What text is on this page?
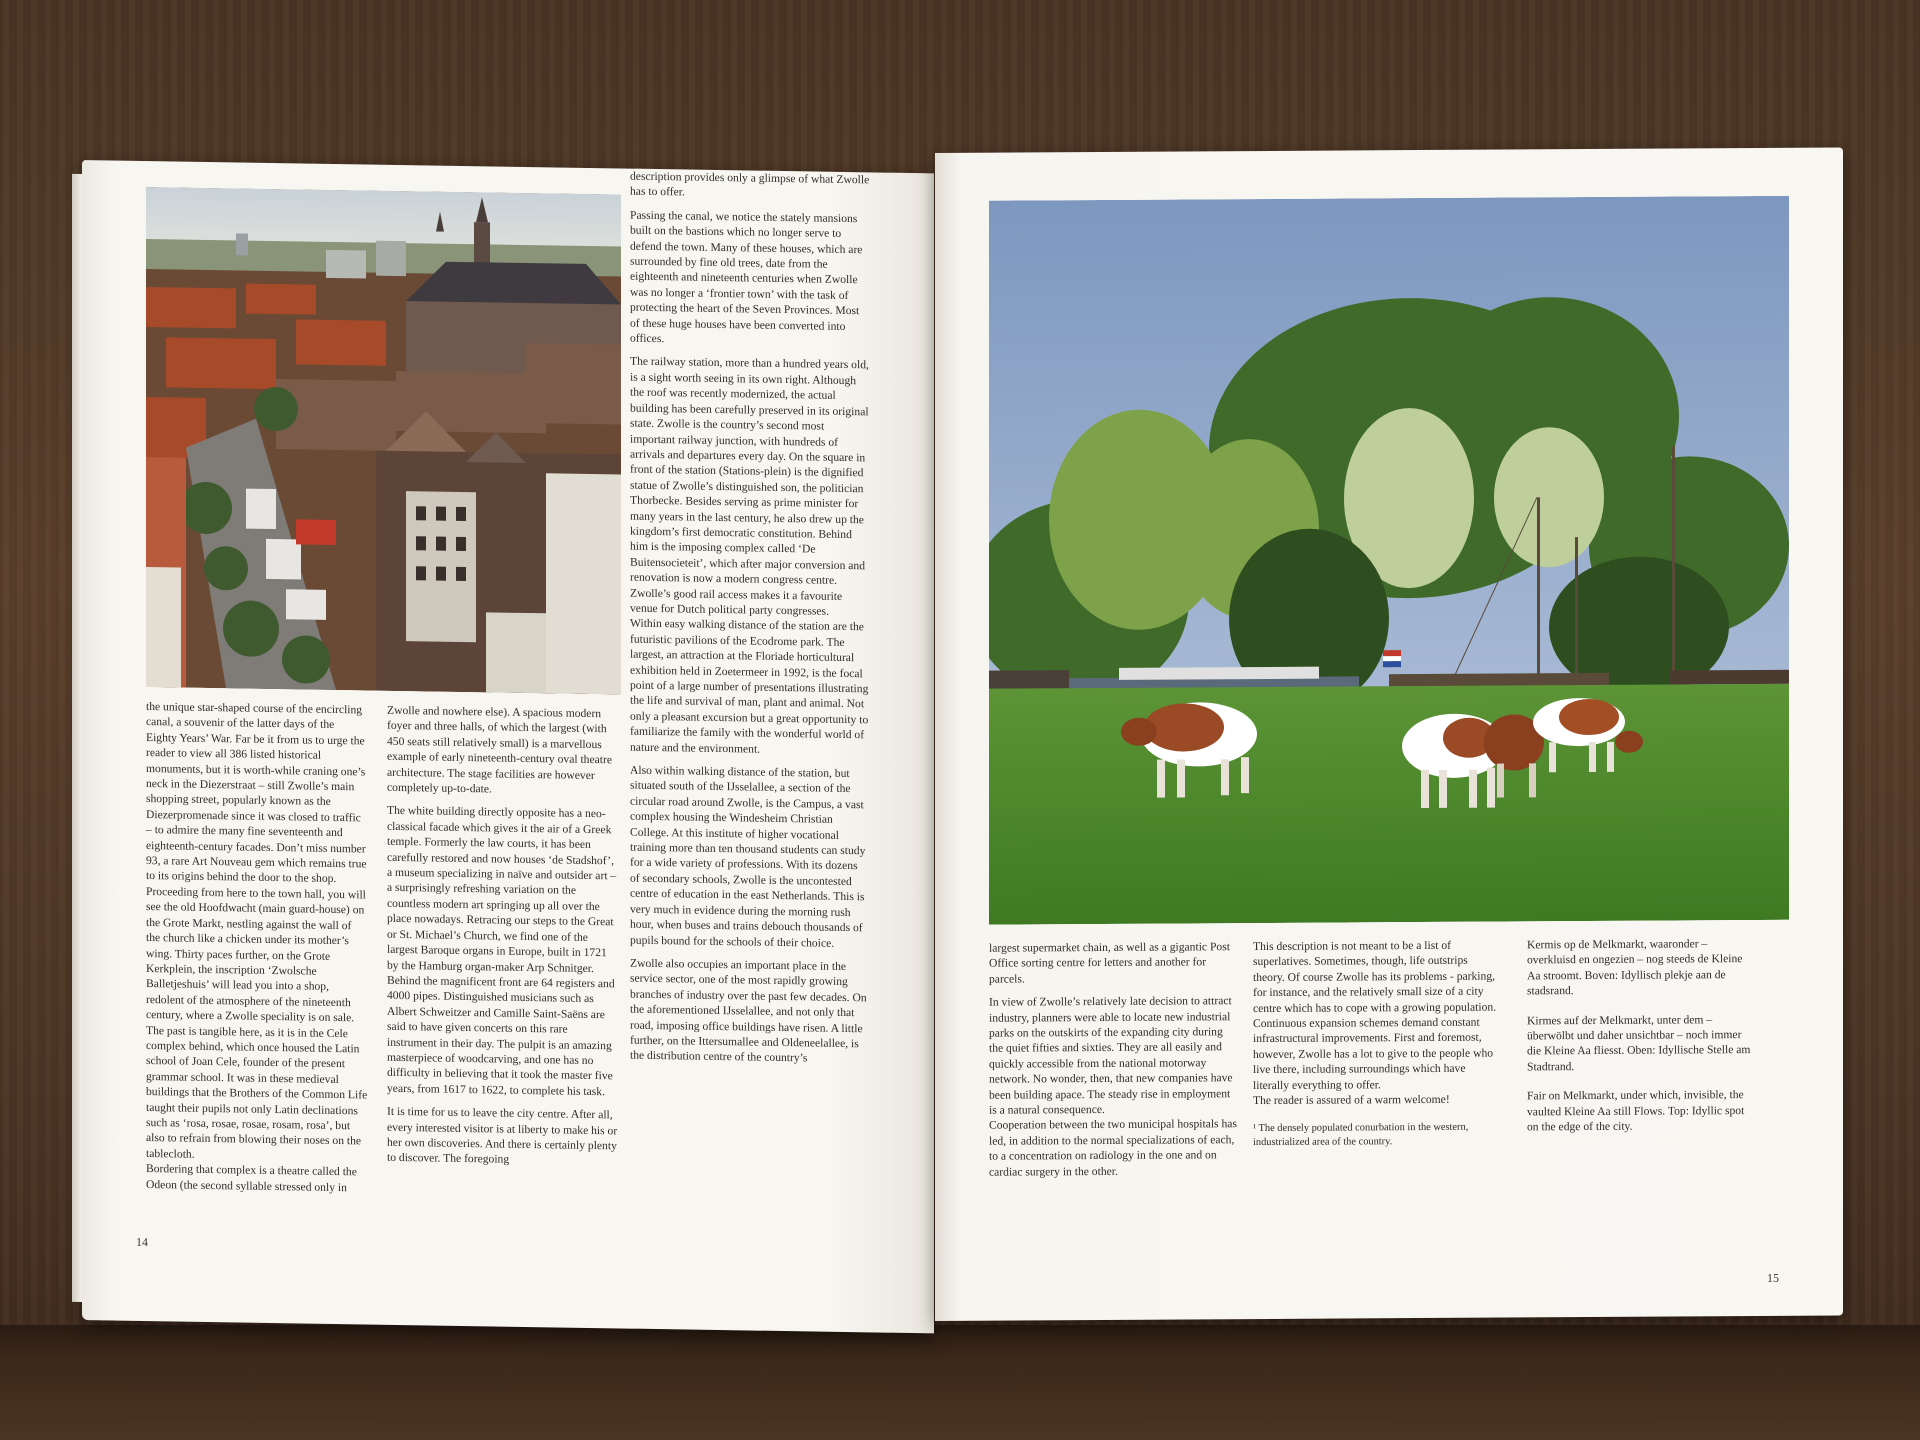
description provides only a glimpse of what Zwolle has to offer.

Passing the canal, we notice the stately mansions built on the bastions which no longer serve to defend the town. Many of these houses, which are surrounded by fine old trees, date from the eighteenth and nineteenth centuries when Zwolle was no longer a ‘frontier town’ with the task of protecting the heart of the Seven Provinces. Most of these huge houses have been converted into offices.

The railway station, more than a hundred years old, is a sight worth seeing in its own right. Although the roof was recently modernized, the actual building has been carefully preserved in its original state. Zwolle is the country’s second most important railway junction, with hundreds of arrivals and departures every day. On the square in front of the station (Stations-plein) is the dignified statue of Zwolle’s distinguished son, the politician Thorbecke. Besides serving as prime minister for many years in the last century, he also drew up the kingdom’s first democratic constitution. Behind him is the imposing complex called ‘De Buitensocieteit’, which after major conversion and renovation is now a modern congress centre. Zwolle’s good rail access makes it a favourite venue for Dutch political party congresses.

Within easy walking distance of the station are the futuristic pavilions of the Ecodrome park. The largest, an attraction at the Floriade horticultural exhibition held in Zoetermeer in 1992, is the focal point of a large number of presentations illustrating the life and survival of man, plant and animal. Not only a pleasant excursion but a great opportunity to familiarize the family with the wonderful world of nature and the environment.

Also within walking distance of the station, but situated south of the IJsselallee, a section of the circular road around Zwolle, is the Campus, a vast complex housing the Windesheim Christian College. At this institute of higher vocational training more than ten thousand students can study for a wide variety of professions. With its dozens of secondary schools, Zwolle is the uncontested centre of education in the east Netherlands. This is very much in evidence during the morning rush hour, when buses and trains debouch thousands of pupils bound for the schools of their choice.

Zwolle also occupies an important place in the service sector, one of the most rapidly growing branches of industry over the past few decades. On the aforementioned IJsselallee, and not only that road, imposing office buildings have risen. A little further, on the Ittersumallee and Oldeneelallee, is the distribution centre of the country’s

the unique star-shaped course of the encircling canal, a souvenir of the latter days of the Eighty Years’ War. Far be it from us to urge the reader to view all 386 listed historical monuments, but it is worth-while craning one’s neck in the Diezerstraat – still Zwolle’s main shopping street, popularly known as the Diezerpromenade since it was closed to traffic – to admire the many fine seventeenth and eighteenth-century facades. Don’t miss number 93, a rare Art Nouveau gem which remains true to its origins behind the door to the shop.

Proceeding from here to the town hall, you will see the old Hoofdwacht (main guard-house) on the Grote Markt, nestling against the wall of the church like a chicken under its mother’s wing. Thirty paces further, on the Grote Kerkplein, the inscription ‘Zwolsche Balletjeshuis’ will lead you into a shop, redolent of the atmosphere of the nineteenth century, where a Zwolle speciality is on sale. The past is tangible here, as it is in the Cele complex behind, which once housed the Latin school of Joan Cele, founder of the present grammar school. It was in these medieval buildings that the Brothers of the Common Life taught their pupils not only Latin declinations such as ‘rosa, rosae, rosae, rosam, rosa’, but also to refrain from blowing their noses on the tablecloth.

Bordering that complex is a theatre called the Odeon (the second syllable stressed only in

Zwolle and nowhere else). A spacious modern foyer and three halls, of which the largest (with 450 seats still relatively small) is a marvellous example of early nineteenth-century oval theatre architecture. The stage facilities are however completely up-to-date.

The white building directly opposite has a neo-classical facade which gives it the air of a Greek temple. Formerly the law courts, it has been carefully restored and now houses ‘de Stadshof’, a museum specializing in naïve and outsider art – a surprisingly refreshing variation on the countless modern art springing up all over the place nowadays. Retracing our steps to the Great or St. Michael’s Church, we find one of the largest Baroque organs in Europe, built in 1721 by the Hamburg organ-maker Arp Schnitger. Behind the magnificent front are 64 registers and 4000 pipes. Distinguished musicians such as Albert Schweitzer and Camille Saint-Saëns are said to have given concerts on this rare instrument in their day. The pulpit is an amazing masterpiece of woodcarving, and one has no difficulty in believing that it took the master five years, from 1617 to 1622, to complete his task.

It is time for us to leave the city centre. After all, every interested visitor is at liberty to make his or her own discoveries. And there is certainly plenty to discover. The foregoing

14

largest supermarket chain, as well as a gigantic Post Office sorting centre for letters and another for parcels.

In view of Zwolle’s relatively late decision to attract industry, planners were able to locate new industrial parks on the outskirts of the expanding city during the quiet fifties and sixties. They are all easily and quickly accessible from the national motorway network. No wonder, then, that new companies have been building apace. The steady rise in employment is a natural consequence.

Cooperation between the two municipal hospitals has led, in addition to the normal specializations of each, to a concentration on radiology in the one and on cardiac surgery in the other.

This description is not meant to be a list of superlatives. Sometimes, though, life outstrips theory. Of course Zwolle has its problems - parking, for instance, and the relatively small size of a city centre which has to cope with a growing population. Continuous expansion schemes demand constant infrastructural improvements. First and foremost, however, Zwolle has a lot to give to the people who live there, including surroundings which have literally everything to offer.

The reader is assured of a warm welcome!

¹ The densely populated conurbation in the western, industrialized area of the country.

Kermis op de Melkmarkt, waaronder – overkluisd en ongezien – nog steeds de Kleine Aa stroomt. Boven: Idyllisch plekje aan de stadsrand.

Kirmes auf der Melkmarkt, unter dem – überwölbt und daher unsichtbar – noch immer die Kleine Aa fliesst. Oben: Idyllische Stelle am Stadtrand.

Fair on Melkmarkt, under which, invisible, the vaulted Kleine Aa still Flows. Top: Idyllic spot on the edge of the city.

15
